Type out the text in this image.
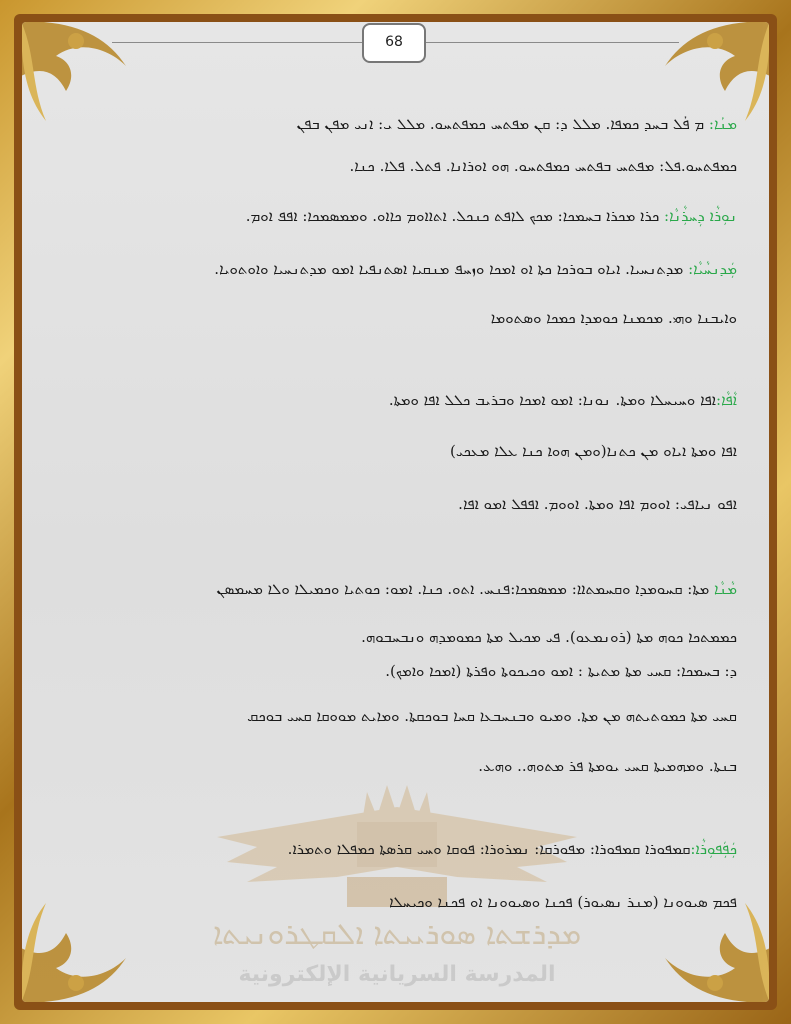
68
ܡܕܪܫܬܐ ܣܘܪܝܝܬܐ ܐܠܩܛܪܘܢܝܬܐ
المدرسة السريانية الإلكترونية
ܡܢܳܐ: ܡ ܦܳܠ ܒܚܕ ܟܡܦܐ. ܡܠܠ ܕ: ܩܢ ܡܦܬܚ ܟܡܦܬܚܘ. ܡܠܠ ܝ: ܐܢܝ ܡܦܢ ܒܦܢ
ܟܡܦܬܚܘ.ܦܠ: ܡܦܬܚ ܒܦܬܚ ܟܡܦܬܚܘ. ܗܘ ܐܘܪܐܢܐ. ܦܬܠ. ܦܠܐ. ܟܢܐ.
ܢܘܼܪܵܐ ܕܼܚܪܼܵܢܵܐ: ܟܪܐ ܡܟܪܐ ܒܚܡܟܐ: ܡܟܟ ܠܐܦܬ ܟܢܟܠ. ܐܬܐܐܘܡ ܟܐܐܘ. ܘܡܡܣܡܟܐ: ܐܦܦ ܐܘܡ.
ܡܲܕܢܚܵܝܵܐ: ܡܕܬܢܚܝܐ. ܐܝܐܘ ܒܘܪܟܐ ܟܬܐ ܐܘ ܐܡܟܐ ܘܙܚܦ ܡܢܩܝܐ ܐܣܬܢܦܝܐ ܐܡܘ ܡܕܬܢܚܝܐ ܘܐܘܬܘܝܐ.
ܘܐܝܒܢܐ ܘܗܝ. ܡܟܡܢܐ ܟܘܡܕܐ ܟܡܟܐ ܘܣܬܘܡܐ
ܐܵܦܵܐ:ܐܦܐ ܘܚܝܚܠܐ ܘܡܬܐ. ܢܘܢܐ: ܐܡܘ ܐܡܟܐ ܘܒܪܝܒ ܟܠܠ ܐܦܐ ܘܡܬܐ.
ܐܦܐ ܘܡܬܐ ܐܝܐܘ ܡܢ ܟܬܢܐ(ܘܡܢ ܗܘܐ ܟܢܐ ܥܠܐ ܡܥܟܝ)
ܐܦܘ ܢܝܐܦܝ: ܐܘܘܡ ܐܦܐ ܘܡܬܐ. ܐܘܘܡ. ܐܦܦܠ ܐܡܘ ܐܦܐ.
ܡܵܢܵܐ ܡܬܐ: ܩܚܘܡܕܐ ܘܩܚܡܬܐܐ: ܡܡܣܡܟܐ:ܦܢܚ. ܐܬܘ. ܟܢܐ. ܐܡܘ: ܟܘܬܝܐ ܘܟܡܝܠܐ ܘܠܐ ܡܚܡܣܢ
ܟܡܡܬܟܐ ܟܘܗ ܡܬܐ (ܪܘܢܡܥܘ). ܦܝ ܡܟܝܠ ܡܬܐ ܟܡܘܡܕܗ ܘܢܒܚܒܘܗ.
ܕ: ܒܚܡܟܐ: ܩܚܝ ܡܬܐ ܡܬܝܬܐ : ܐܡܘ ܘܟܝܟܘܬܐ ܘܦܪܬܐ (ܐܡܟܐ ܘܐܡܟ).
ܩܚܝ ܡܬܐ ܟܡܘܬܝܬܗ ܡܢ ܡܬܐ. ܘܡܝܘ ܘܒܢܚܒܥܐ ܩܚܐ ܒܘܟܩܬܐ. ܘܡܐܝܬ ܡܘܘܩܐ ܩܚܝ ܒܘܟܩ
ܒܢܬܐ. ܘܡܗܡܝܬܐ ܩܚܝ ܝܘܡܬܐ ܦܪ ܡܬܘܗ.. ܘܗܥ.
ܟܲܦܲܦܘܼܪܵܐ:ܩܡܦܘܪܐ ܩܡܦܘܪܐ: ܡܦܘܪܩܐ: ܢܡܪܘܪܐ: ܦܘܩܐ ܘܚܝ ܩܪܣܬܐ ܟܡܦܠܐ ܘܬܡܪܐ.
ܦܟܡ ܣܝܘܘܢܐ (ܡܢܪ ܢܣܝܘܪ) ܦܟܢܐ ܘܣܝܘܘܢܐ ܐܘ ܦܟܢܐ ܘܟܝܚܠܐ
